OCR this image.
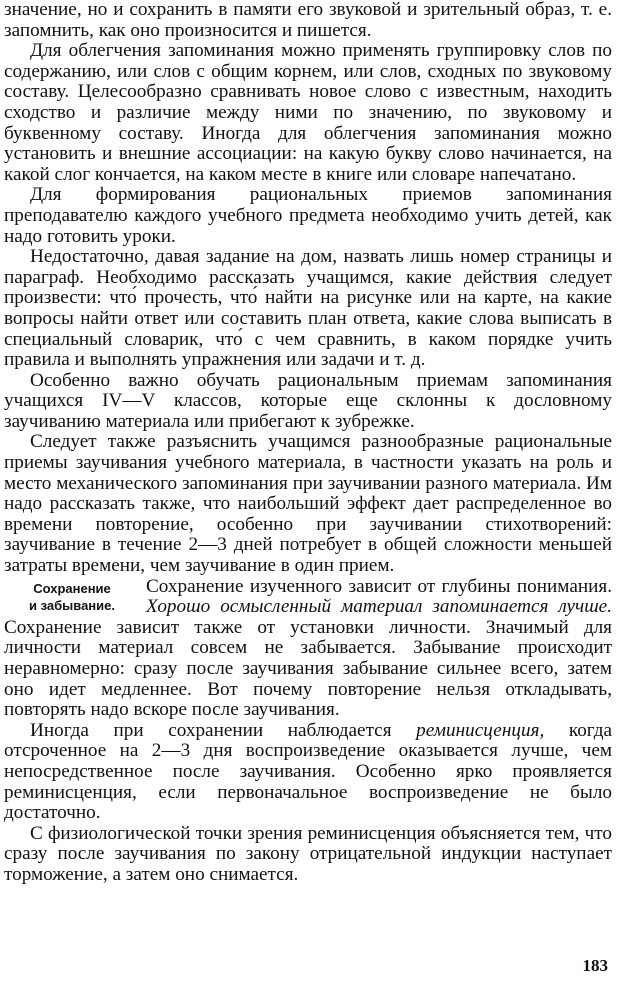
значение, но и сохранить в памяти его звуковой и зрительный образ, т. е. запомнить, как оно произносится и пишется.

Для облегчения запоминания можно применять группировку слов по содержанию, или слов с общим корнем, или слов, сходных по звуковому составу. Целесообразно сравнивать новое слово с известным, находить сходство и различие между ними по значению, по звуковому и буквенному составу. Иногда для облегчения запоминания можно установить и внешние ассоциации: на какую букву слово начинается, на какой слог кончается, на каком месте в книге или словаре напечатано.

Для формирования рациональных приемов запоминания преподавателю каждого учебного предмета необходимо учить детей, как надо готовить уроки.

Недостаточно, давая задание на дом, назвать лишь номер страницы и параграф. Необходимо рассказать учащимся, какие действия следует произвести: что́ прочесть, что́ найти на рисунке или на карте, на какие вопросы найти ответ или составить план ответа, какие слова выписать в специальный словарик, что́ с чем сравнить, в каком порядке учить правила и выполнять упражнения или задачи и т. д.

Особенно важно обучать рациональным приемам запоминания учащихся IV—V классов, которые еще склонны к дословному заучиванию материала или прибегают к зубрежке.

Следует также разъяснить учащимся разнообразные рациональные приемы заучивания учебного материала, в частности указать на роль и место механического запоминания при заучивании разного материала. Им надо рассказать также, что наибольший эффект дает распределенное во времени повторение, особенно при заучивании стихотворений: заучивание в течение 2—3 дней потребует в общей сложности меньшей затраты времени, чем заучивание в один прием.

Сохранение
и забывание.
Сохранение изученного зависит от глубины понимания. Хорошо осмысленный материал запоминается лучше. Сохранение зависит также от установки личности. Значимый для личности материал совсем не забывается. Забывание происходит неравномерно: сразу после заучивания забывание сильнее всего, затем оно идет медленнее. Вот почему повторение нельзя откладывать, повторять надо вскоре после заучивания.

Иногда при сохранении наблюдается реминисценция, когда отсроченное на 2—3 дня воспроизведение оказывается лучше, чем непосредственное после заучивания. Особенно ярко проявляется реминисценция, если первоначальное воспроизведение не было достаточно.

С физиологической точки зрения реминисценция объясняется тем, что сразу после заучивания по закону отрицательной индукции наступает торможение, а затем оно снимается.

183
